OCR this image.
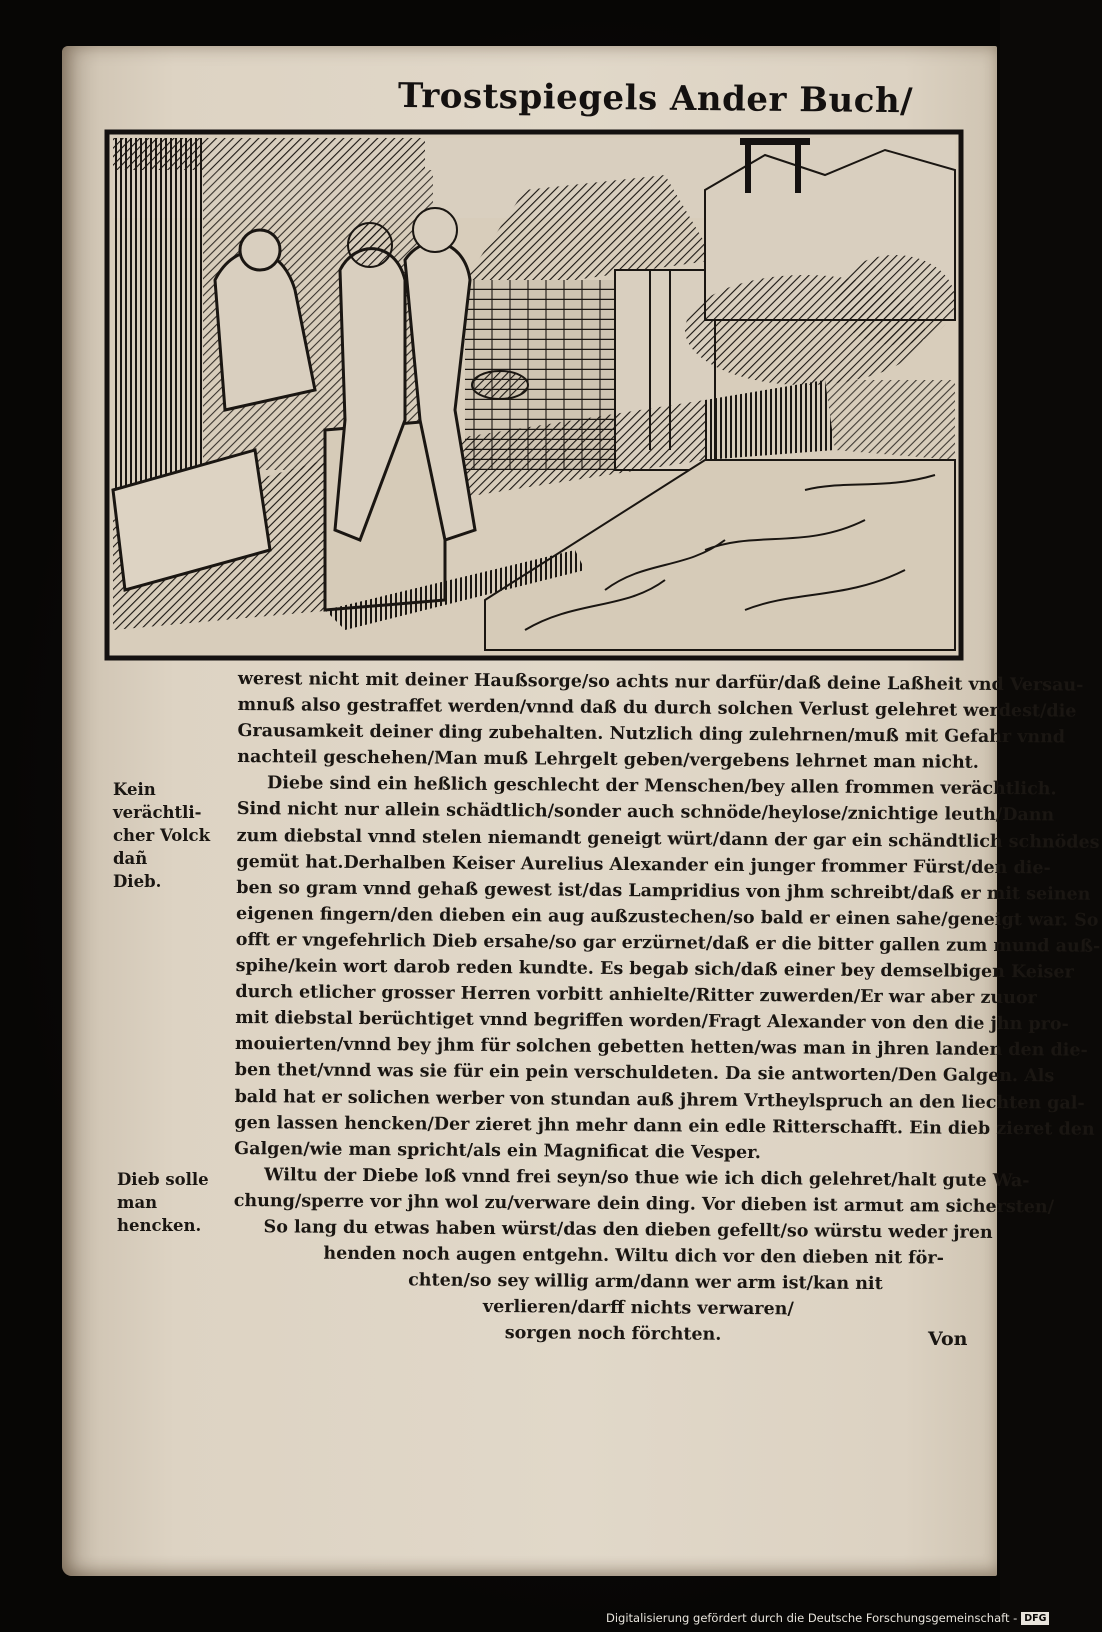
Trostspiegels Ander Buch/
werest nicht mit deiner Haußsorge/so achts nur darfür/daß deine Laßheit vnd Versau-
mnuß also gestraffet werden/vnnd daß du durch solchen Verlust gelehret werdest/die
Grausamkeit deiner ding zubehalten. Nutzlich ding zulehrnen/muß mit Gefahr vnnd
nachteil geschehen/Man muß Lehrgelt geben/vergebens lehrnet man nicht.
Diebe sind ein heßlich geschlecht der Menschen/bey allen frommen verächtlich.
Sind nicht nur allein schädtlich/sonder auch schnöde/heylose/znichtige leuth/Dann
zum diebstal vnnd stelen niemandt geneigt würt/dann der gar ein schändtlich schnödes
gemüt hat.Derhalben Keiser Aurelius Alexander ein junger frommer Fürst/den die-
ben so gram vnnd gehaß gewest ist/das Lampridius von jhm schreibt/daß er mit seinen
eigenen fingern/den dieben ein aug außzustechen/so bald er einen sahe/geneigt war. So
offt er vngefehrlich Dieb ersahe/so gar erzürnet/daß er die bitter gallen zum mund auß-
spihe/kein wort darob reden kundte. Es begab sich/daß einer bey demselbigen Keiser
durch etlicher grosser Herren vorbitt anhielte/Ritter zuwerden/Er war aber zuuor
mit diebstal berüchtiget vnnd begriffen worden/Fragt Alexander von den die jhn pro-
mouierten/vnnd bey jhm für solchen gebetten hetten/was man in jhren landen den die-
ben thet/vnnd was sie für ein pein verschuldeten. Da sie antworten/Den Galgen. Als
bald hat er solichen werber von stundan auß jhrem Vrtheylspruch an den liechten gal-
gen lassen hencken/Der zieret jhn mehr dann ein edle Ritterschafft. Ein dieb zieret den
Galgen/wie man spricht/als ein Magnificat die Vesper.
Wiltu der Diebe loß vnnd frei seyn/so thue wie ich dich gelehret/halt gute Wa-
chung/sperre vor jhn wol zu/verware dein ding. Vor dieben ist armut am sichersten/
So lang du etwas haben würst/das den dieben gefellt/so würstu weder jren
henden noch augen entgehn. Wiltu dich vor den dieben nit för-
chten/so sey willig arm/dann wer arm ist/kan nit
verlieren/darff nichts verwaren/
sorgen noch förchten.
Kein verächtli-
cher Volck dañ
Dieb.
Dieb solle man
hencken.
Von
Digitalisierung gefördert durch die Deutsche Forschungsgemeinschaft - DFG
